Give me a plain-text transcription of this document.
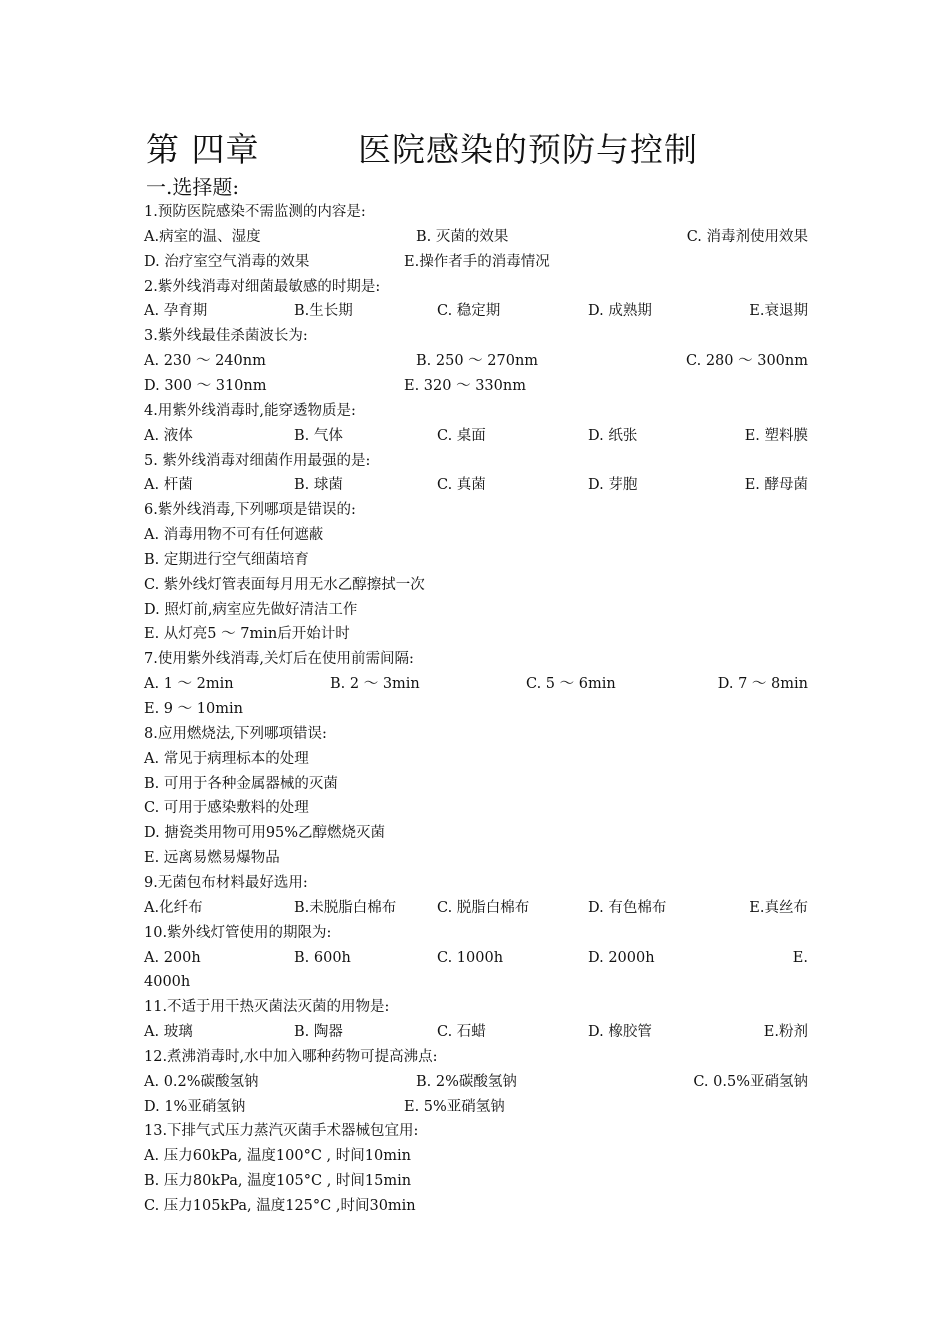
第 四章	医院感染的预防与控制
一.选择题:
1.预防医院感染不需监测的内容是:
A.病室的温、湿度	B. 灭菌的效果	C. 消毒剂使用效果
D. 治疗室空气消毒的效果	E.操作者手的消毒情况
2.紫外线消毒对细菌最敏感的时期是:
A. 孕育期	B.生长期	C. 稳定期	D. 成熟期	E.衰退期
3.紫外线最佳杀菌波长为:
A. 230 ～ 240nm	B. 250 ～ 270nm	C. 280 ～ 300nm
D. 300 ～ 310nm	E. 320 ～ 330nm
4.用紫外线消毒时,能穿透物质是:
A. 液体	B. 气体	C. 桌面	D. 纸张	E. 塑料膜
5. 紫外线消毒对细菌作用最强的是:
A. 杆菌	B. 球菌	C. 真菌	D. 芽胞	E. 酵母菌
6.紫外线消毒,下列哪项是错误的:
A. 消毒用物不可有任何遮蔽
B. 定期进行空气细菌培育
C. 紫外线灯管表面每月用无水乙醇擦拭一次
D. 照灯前,病室应先做好清洁工作
E. 从灯亮5 ～ 7min后开始计时
7.使用紫外线消毒,关灯后在使用前需间隔:
A. 1 ～ 2min	B. 2 ～ 3min	C. 5 ～ 6min	D. 7 ～ 8min
E. 9 ～ 10min
8.应用燃烧法,下列哪项错误:
A. 常见于病理标本的处理
B. 可用于各种金属器械的灭菌
C. 可用于感染敷料的处理
D. 搪瓷类用物可用95%乙醇燃烧灭菌
E. 远离易燃易爆物品
9.无菌包布材料最好选用:
A.化纤布	B.未脱脂白棉布	C. 脱脂白棉布	D. 有色棉布	E.真丝布
10.紫外线灯管使用的期限为:
A. 200h	B. 600h	C. 1000h	D. 2000h	E.
4000h
11.不适于用干热灭菌法灭菌的用物是:
A. 玻璃	B. 陶器	C. 石蜡	D. 橡胶管	E.粉剂
12.煮沸消毒时,水中加入哪种药物可提高沸点:
A. 0.2%碳酸氢钠	B. 2%碳酸氢钠	C. 0.5%亚硝氢钠
D. 1%亚硝氢钠	E. 5%亚硝氢钠
13.下排气式压力蒸汽灭菌手术器械包宜用:
A. 压力60kPa, 温度100°C , 时间10min
B. 压力80kPa, 温度105°C , 时间15min
C. 压力105kPa, 温度125°C ,时间30min
